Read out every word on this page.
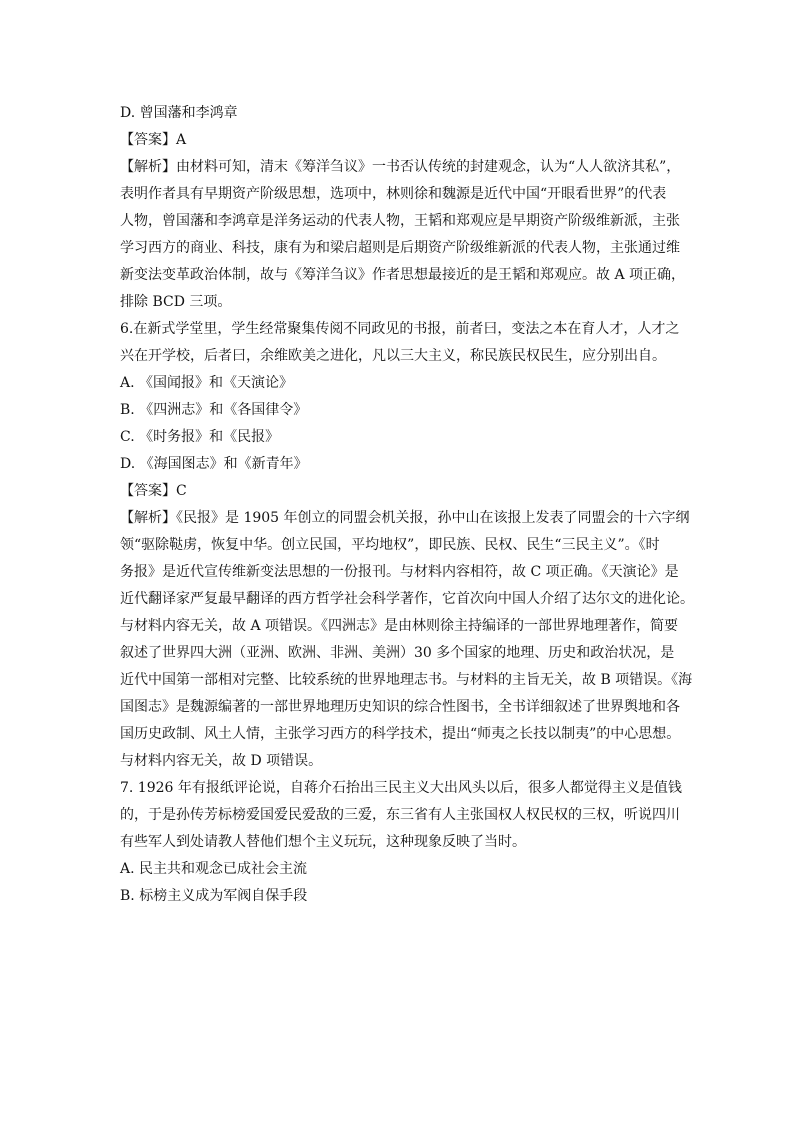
D. 曾国藩和李鸿章
【答案】A
【解析】由材料可知，清末《筹洋刍议》一书否认传统的封建观念，认为“人人欲济其私”，
表明作者具有早期资产阶级思想，选项中，林则徐和魏源是近代中国“开眼看世界”的代表
人物，曾国藩和李鸿章是洋务运动的代表人物，王韬和郑观应是早期资产阶级维新派，主张
学习西方的商业、科技，康有为和梁启超则是后期资产阶级维新派的代表人物，主张通过维
新变法变革政治体制，故与《筹洋刍议》作者思想最接近的是王韬和郑观应。故 A 项正确，
排除 BCD 三项。
6.在新式学堂里，学生经常聚集传阅不同政见的书报，前者曰，变法之本在育人才，人才之
兴在开学校，后者曰，余维欧美之进化，凡以三大主义，称民族民权民生，应分别出自。
A. 《国闻报》和《天演论》
B. 《四洲志》和《各国律令》
C. 《时务报》和《民报》
D. 《海国图志》和《新青年》
【答案】C
【解析】《民报》是 1905 年创立的同盟会机关报，孙中山在该报上发表了同盟会的十六字纲
领“驱除鞑虏，恢复中华。创立民国，平均地权”，即民族、民权、民生“三民主义”。《时
务报》是近代宣传维新变法思想的一份报刊。与材料内容相符，故 C 项正确。《天演论》是
近代翻译家严复最早翻译的西方哲学社会科学著作，它首次向中国人介绍了达尔文的进化论。
与材料内容无关，故 A 项错误。《四洲志》是由林则徐主持编译的一部世界地理著作，简要
叙述了世界四大洲（亚洲、欧洲、非洲、美洲）30 多个国家的地理、历史和政治状况，是
近代中国第一部相对完整、比较系统的世界地理志书。与材料的主旨无关，故 B 项错误。《海
国图志》是魏源编著的一部世界地理历史知识的综合性图书，全书详细叙述了世界舆地和各
国历史政制、风土人情，主张学习西方的科学技术，提出“师夷之长技以制夷”的中心思想。
与材料内容无关，故 D 项错误。
7. 1926 年有报纸评论说，自蒋介石抬出三民主义大出风头以后，很多人都觉得主义是值钱
的，于是孙传芳标榜爱国爱民爱敌的三爱，东三省有人主张国权人权民权的三权，听说四川
有些军人到处请教人替他们想个主义玩玩，这种现象反映了当时。
A. 民主共和观念已成社会主流
B. 标榜主义成为军阀自保手段
